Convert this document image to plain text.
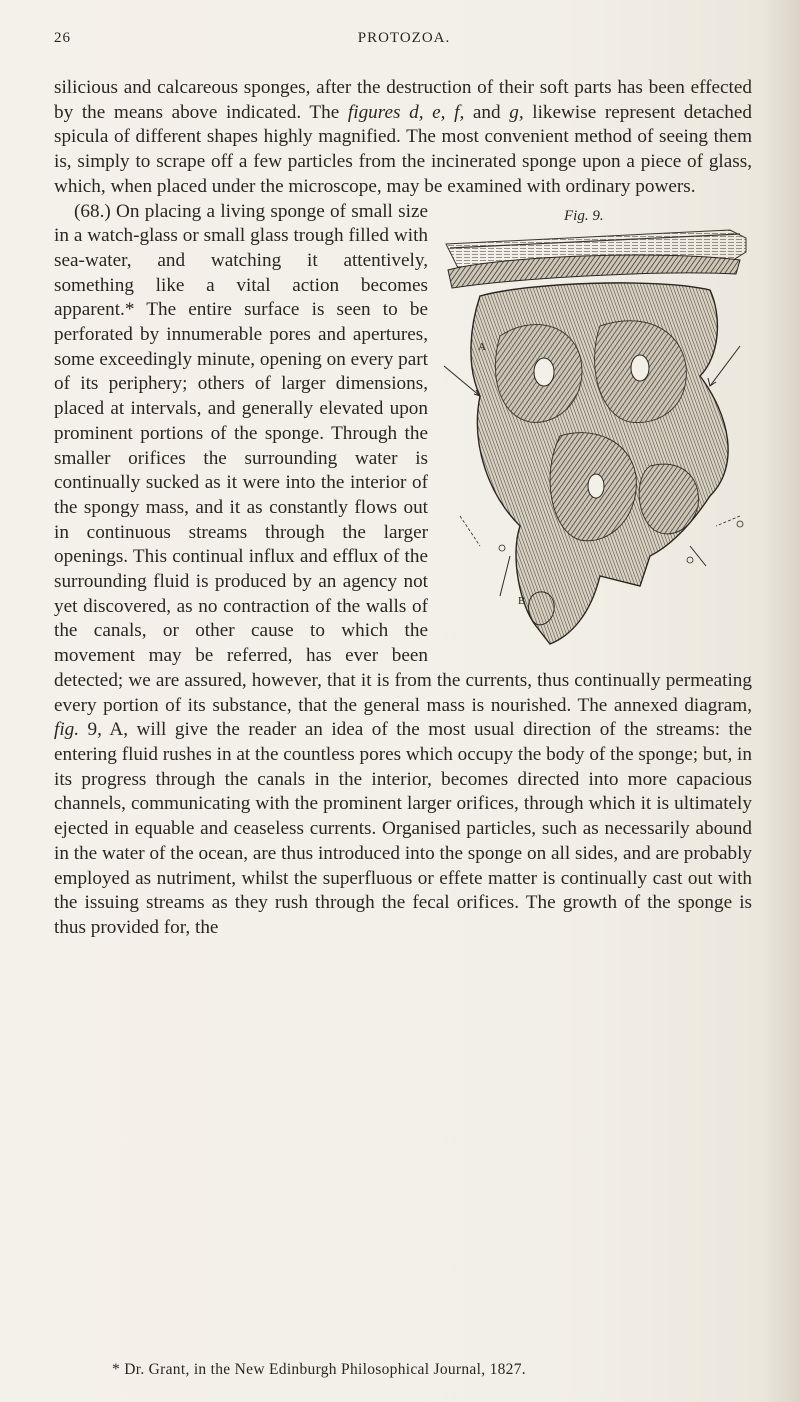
26	PROTOZOA.

silicious and calcareous sponges, after the destruction of their soft parts has been effected by the means above indicated. The figures d, e, f, and g, likewise represent detached spicula of different shapes highly magnified. The most convenient method of seeing them is, simply to scrape off a few particles from the incinerated sponge upon a piece of glass, which, when placed under the microscope, may be examined with ordinary powers.

Fig. 9.
A
B

(68.) On placing a living sponge of small size in a watch-glass or small glass trough filled with sea-water, and watching it attentively, something like a vital action becomes apparent.* The entire surface is seen to be perforated by innumerable pores and apertures, some exceedingly minute, opening on every part of its periphery; others of larger dimensions, placed at intervals, and generally elevated upon prominent portions of the sponge. Through the smaller orifices the surrounding water is continually sucked as it were into the interior of the spongy mass, and it as constantly flows out in continuous streams through the larger openings. This continual influx and efflux of the surrounding fluid is produced by an agency not yet discovered, as no contraction of the walls of the canals, or other cause to which the movement may be referred, has ever been detected; we are assured, however, that it is from the currents, thus continually permeating every portion of its substance, that the general mass is nourished. The annexed diagram, fig. 9, A, will give the reader an idea of the most usual direction of the streams: the entering fluid rushes in at the countless pores which occupy the body of the sponge; but, in its progress through the canals in the interior, becomes directed into more capacious channels, communicating with the prominent larger orifices, through which it is ultimately ejected in equable and ceaseless currents. Organised particles, such as necessarily abound in the water of the ocean, are thus introduced into the sponge on all sides, and are probably employed as nutriment, whilst the superfluous or effete matter is continually cast out with the issuing streams as they rush through the fecal orifices. The growth of the sponge is thus provided for, the

* Dr. Grant, in the New Edinburgh Philosophical Journal, 1827.
